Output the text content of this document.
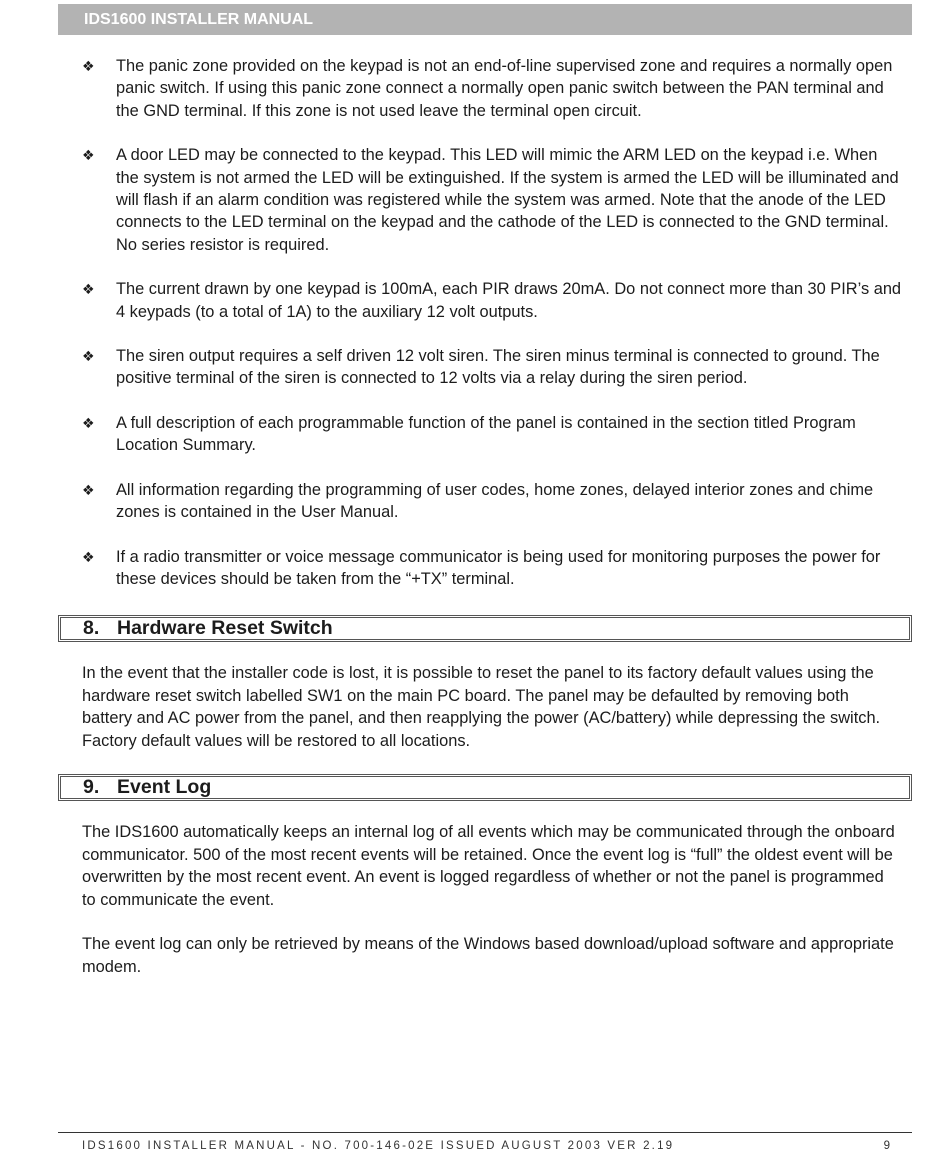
IDS1600 INSTALLER MANUAL
❖	The panic zone provided on the keypad is not an end-of-line supervised zone and requires a normally open panic switch. If using this panic zone connect a normally open panic switch between the PAN terminal and the GND terminal. If this zone is not used leave the terminal open circuit.
❖	A door LED may be connected to the keypad. This LED will mimic the ARM LED on the keypad i.e. When the system is not armed the LED will be extinguished. If the system is armed the LED will be illuminated and will flash if an alarm condition was registered while the system was armed. Note that the anode of the LED connects to the LED terminal on the keypad and the cathode of the LED is connected to the GND terminal. No series resistor is required.
❖	The current drawn by one keypad is 100mA, each PIR draws 20mA. Do not connect more than 30 PIR’s and 4 keypads (to a total of 1A) to the auxiliary 12 volt outputs.
❖	The siren output requires a self driven 12 volt siren. The siren minus terminal is connected to ground. The positive terminal of the siren is connected to 12 volts via a relay during the siren period.
❖	A full description of each programmable function of the panel is contained in the section titled Program Location Summary.
❖	All information regarding the programming of user codes, home zones, delayed interior zones and chime zones is contained in the User Manual.
❖	If a radio transmitter or voice message communicator is being used for monitoring purposes the power for these devices should be taken from the “+TX” terminal.
8. Hardware Reset Switch

In the event that the installer code is lost, it is possible to reset the panel to its factory default values using the hardware reset switch labelled SW1 on the main PC board. The panel may be defaulted by removing both battery and AC power from the panel, and then reapplying the power (AC/battery) while depressing the switch. Factory default values will be restored to all locations.

9. Event Log

The IDS1600 automatically keeps an internal log of all events which may be communicated through the onboard communicator. 500 of the most recent events will be retained. Once the event log is “full” the oldest event will be overwritten by the most recent event. An event is logged regardless of whether or not the panel is programmed to communicate the event.

The event log can only be retrieved by means of the Windows based download/upload software and appropriate modem.

IDS1600 INSTALLER MANUAL - NO. 700-146-02E ISSUED AUGUST 2003 VER 2.19	9
